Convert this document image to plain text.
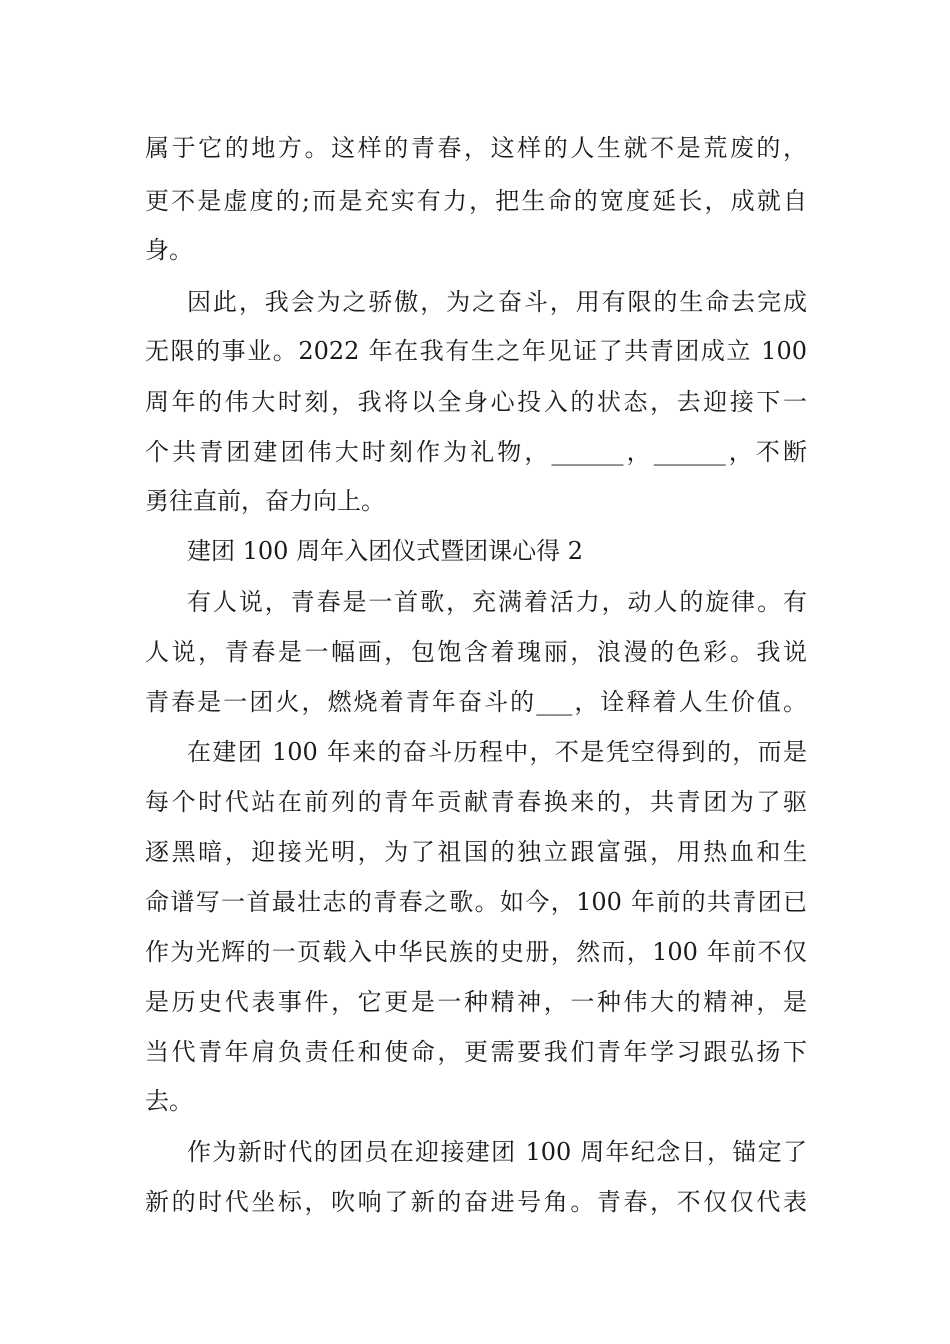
属于它的地方。这样的青春，这样的人生就不是荒废的，
更不是虚度的;而是充实有力，把生命的宽度延长，成就自
身。
因此，我会为之骄傲，为之奋斗，用有限的生命去完成
无限的事业。2022 年在我有生之年见证了共青团成立 100
周年的伟大时刻，我将以全身心投入的状态，去迎接下一
个共青团建团伟大时刻作为礼物，______，______，不断
勇往直前，奋力向上。
建团 100 周年入团仪式暨团课心得 2
有人说，青春是一首歌，充满着活力，动人的旋律。有
人说，青春是一幅画，包饱含着瑰丽，浪漫的色彩。我说
青春是一团火，燃烧着青年奋斗的___，诠释着人生价值。
在建团 100 年来的奋斗历程中，不是凭空得到的，而是
每个时代站在前列的青年贡献青春换来的，共青团为了驱
逐黑暗，迎接光明，为了祖国的独立跟富强，用热血和生
命谱写一首最壮志的青春之歌。如今，100 年前的共青团已
作为光辉的一页载入中华民族的史册，然而，100 年前不仅
是历史代表事件，它更是一种精神，一种伟大的精神，是
当代青年肩负责任和使命，更需要我们青年学习跟弘扬下
去。
作为新时代的团员在迎接建团 100 周年纪念日，锚定了
新的时代坐标，吹响了新的奋进号角。青春，不仅仅代表
